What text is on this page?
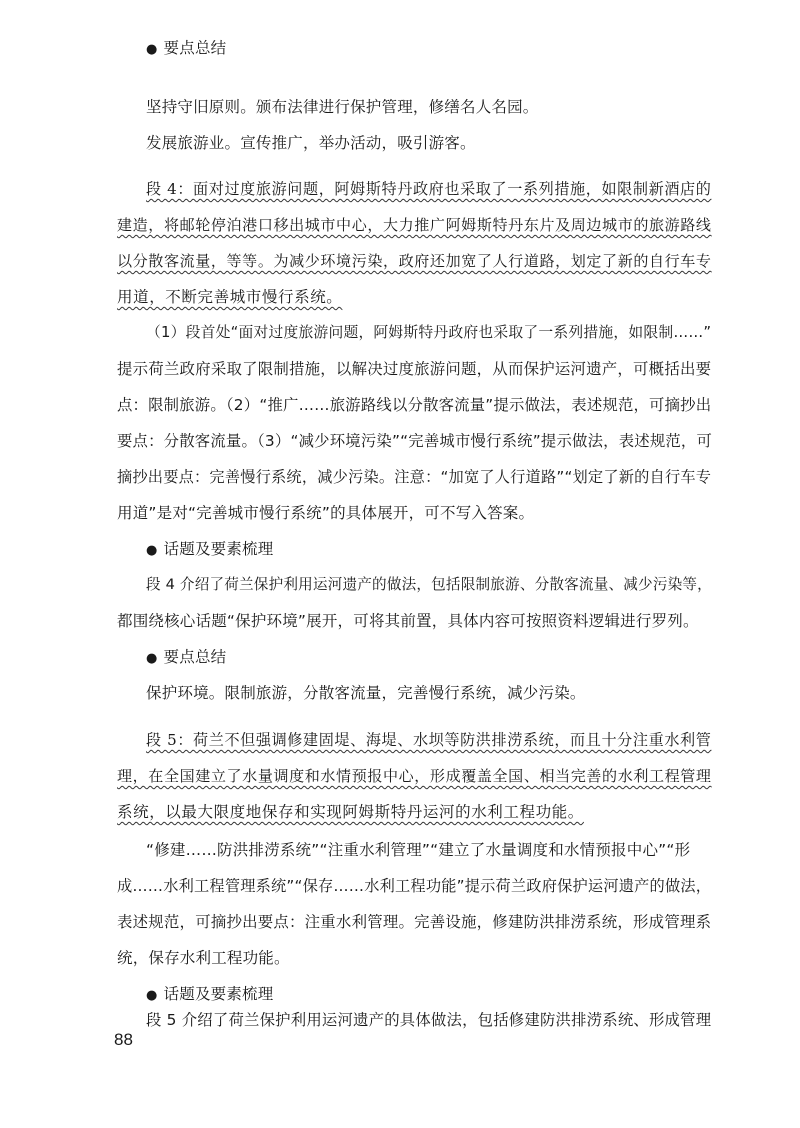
● 要点总结
坚持守旧原则。颁布法律进行保护管理，修缮名人名园。
发展旅游业。宣传推广，举办活动，吸引游客。
段 4：面对过度旅游问题，阿姆斯特丹政府也采取了一系列措施，如限制新酒店的
建造，将邮轮停泊港口移出城市中心，大力推广阿姆斯特丹东片及周边城市的旅游路线
以分散客流量，等等。为减少环境污染，政府还加宽了人行道路，划定了新的自行车专
用道，不断完善城市慢行系统。
（1）段首处“面对过度旅游问题，阿姆斯特丹政府也采取了一系列措施，如限制……”
提示荷兰政府采取了限制措施，以解决过度旅游问题，从而保护运河遗产，可概括出要
点：限制旅游。（2）“推广……旅游路线以分散客流量”提示做法，表述规范，可摘抄出
要点：分散客流量。（3）“减少环境污染”“完善城市慢行系统”提示做法，表述规范，可
摘抄出要点：完善慢行系统，减少污染。注意：“加宽了人行道路”“划定了新的自行车专
用道”是对“完善城市慢行系统”的具体展开，可不写入答案。
● 话题及要素梳理
段 4 介绍了荷兰保护利用运河遗产的做法，包括限制旅游、分散客流量、减少污染等，
都围绕核心话题“保护环境”展开，可将其前置，具体内容可按照资料逻辑进行罗列。
● 要点总结
保护环境。限制旅游，分散客流量，完善慢行系统，减少污染。
段 5：荷兰不但强调修建固堤、海堤、水坝等防洪排涝系统，而且十分注重水利管
理，在全国建立了水量调度和水情预报中心，形成覆盖全国、相当完善的水利工程管理
系统，以最大限度地保存和实现阿姆斯特丹运河的水利工程功能。
“修建……防洪排涝系统”“注重水利管理”“建立了水量调度和水情预报中心”“形
成……水利工程管理系统”“保存……水利工程功能”提示荷兰政府保护运河遗产的做法，
表述规范，可摘抄出要点：注重水利管理。完善设施，修建防洪排涝系统，形成管理系
统，保存水利工程功能。
● 话题及要素梳理
段 5 介绍了荷兰保护利用运河遗产的具体做法，包括修建防洪排涝系统、形成管理
88
